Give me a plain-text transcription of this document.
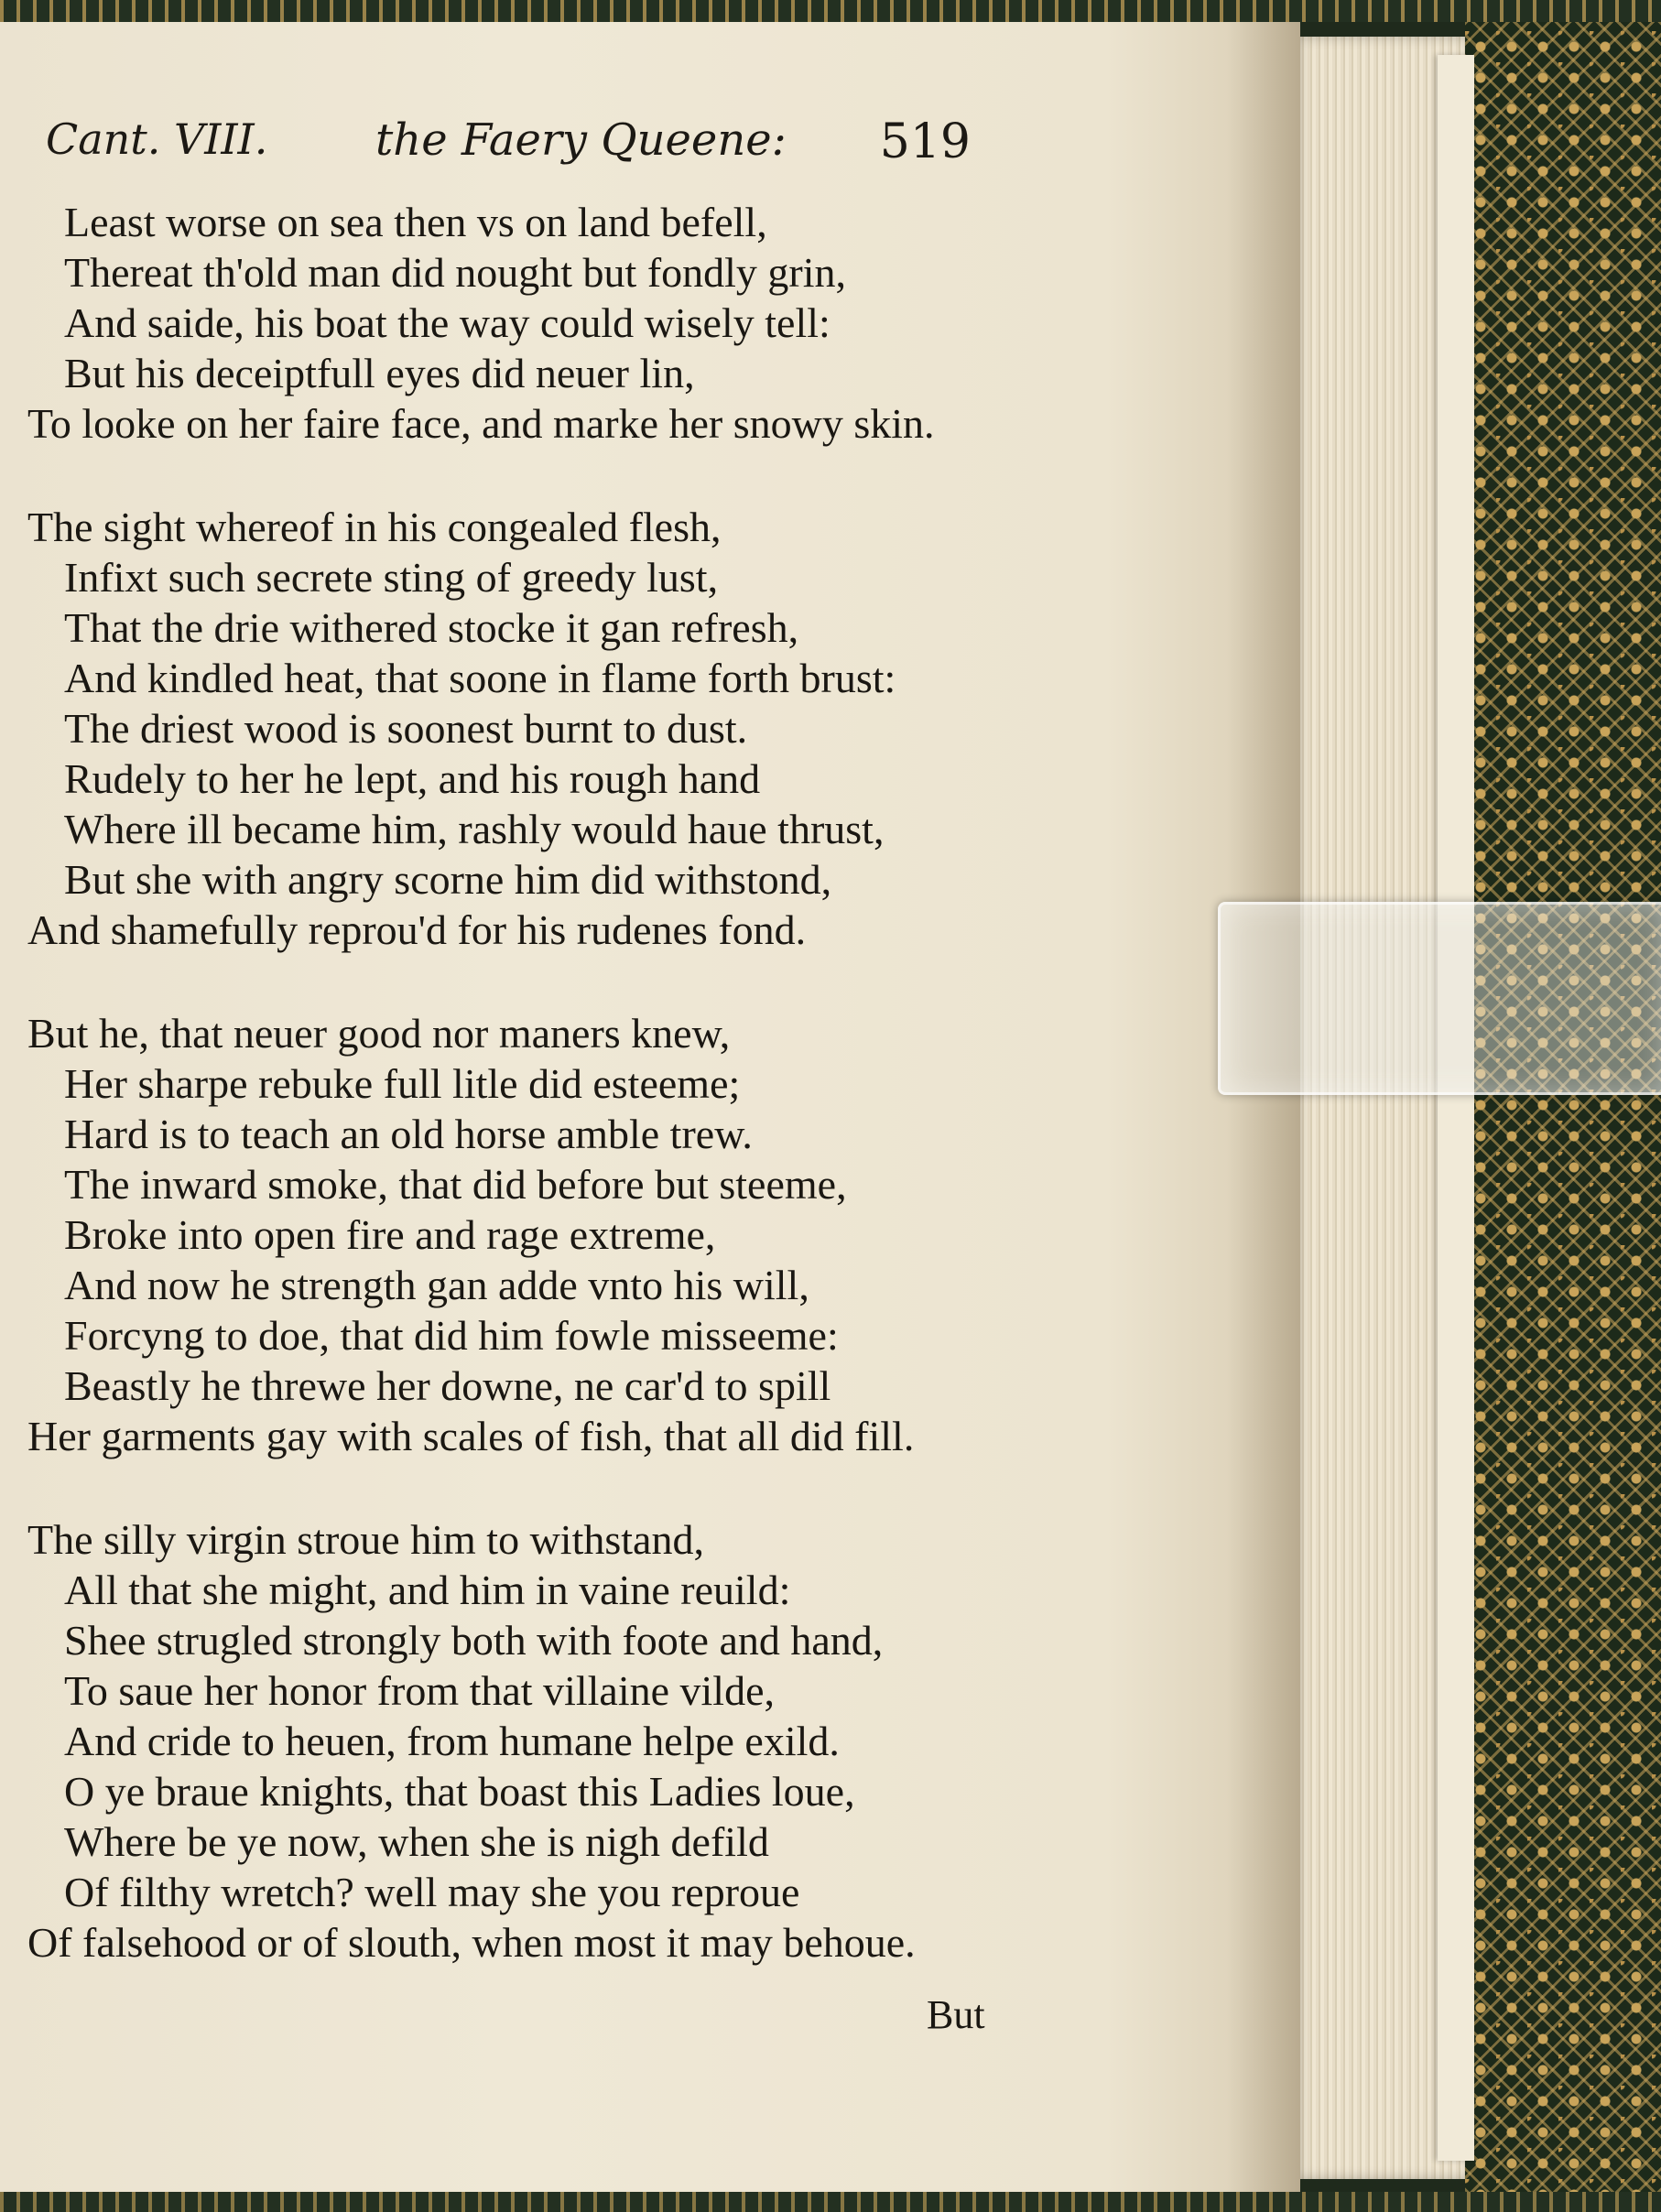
Cant. VIII. the Faery Queene: 519
Least worse on sea then vs on land befell,
Thereat th'old man did nought but fondly grin,
And saide, his boat the way could wisely tell:
But his deceiptfull eyes did neuer lin,
To looke on her faire face, and marke her snowy skin.
The sight whereof in his congealed flesh,
Infixt such secrete sting of greedy lust,
That the drie withered stocke it gan refresh,
And kindled heat, that soone in flame forth brust:
The driest wood is soonest burnt to dust.
Rudely to her he lept, and his rough hand
Where ill became him, rashly would haue thrust,
But she with angry scorne him did withstond,
And shamefully reprou'd for his rudenes fond.
But he, that neuer good nor maners knew,
Her sharpe rebuke full litle did esteeme;
Hard is to teach an old horse amble trew.
The inward smoke, that did before but steeme,
Broke into open fire and rage extreme,
And now he strength gan adde vnto his will,
Forcyng to doe, that did him fowle misseeme:
Beastly he threwe her downe, ne car'd to spill
Her garments gay with scales of fish, that all did fill.
The silly virgin stroue him to withstand,
All that she might, and him in vaine reuild:
Shee strugled strongly both with foote and hand,
To saue her honor from that villaine vilde,
And cride to heuen, from humane helpe exild.
O ye braue knights, that boast this Ladies loue,
Where be ye now, when she is nigh defild
Of filthy wretch? well may she you reproue
Of falsehood or of slouth, when most it may behoue.
But
